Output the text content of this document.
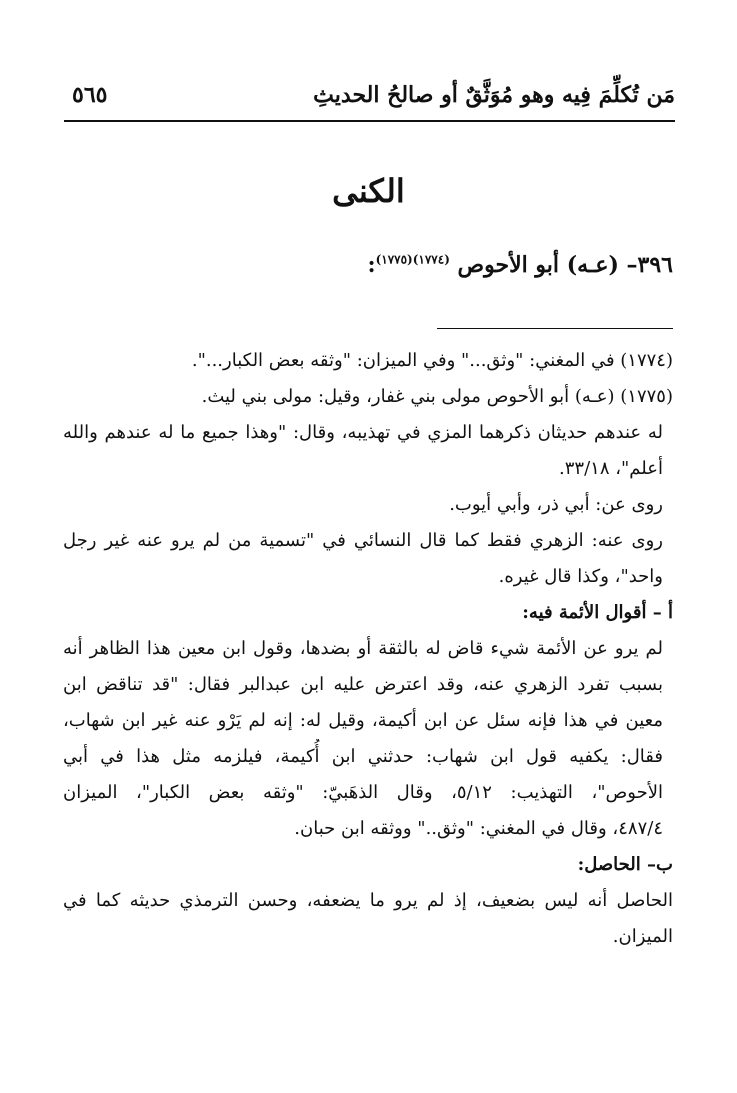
مَن تُكلِّمَ فِيه وهو مُوَثَّقٌ أو صالحُ الحديثِ
٥٦٥
الكنى
٣٩٦– (عـه) أبو الأحوص $^{(١٧٧٤)(١٧٧٥)}$:
(١٧٧٤) في المغني: "وثق..." وفي الميزان: "وثقه بعض الكبار...".
(١٧٧٥) (عـه) أبو الأحوص مولى بني غفار، وقيل: مولى بني ليث.
له عندهم حديثان ذكرهما المزي في تهذيبه، وقال: "وهذا جميع ما له عندهم والله
أعلم"، ٣٣/١٨.
روى عن: أبي ذر، وأبي أيوب.
روى عنه: الزهري فقط كما قال النسائي في "تسمية من لم يرو عنه غير رجل
واحد"، وكذا قال غيره.
أ – أقوال الأئمة فيه:
لم يرو عن الأئمة شيء قاض له بالثقة أو بضدها، وقول ابن معين هذا الظاهر أنه
بسبب تفرد الزهري عنه، وقد اعترض عليه ابن عبدالبر فقال: "قد تناقض ابن
معين في هذا فإنه سئل عن ابن أكيمة، وقيل له: إنه لم يَرْو عنه غير ابن شهاب،
فقال: يكفيه قول ابن شهاب: حدثني ابن أُكيمة، فيلزمه مثل هذا في أبي
الأحوص"، التهذيب: ٥/١٢، وقال الذهَبيّ: "وثقه بعض الكبار"، الميزان
٤٨٧/٤، وقال في المغني: "وثق.." ووثقه ابن حبان.
ب– الحاصل:
الحاصل أنه ليس بضعيف، إذ لم يرو ما يضعفه، وحسن الترمذي حديثه كما في
الميزان.
